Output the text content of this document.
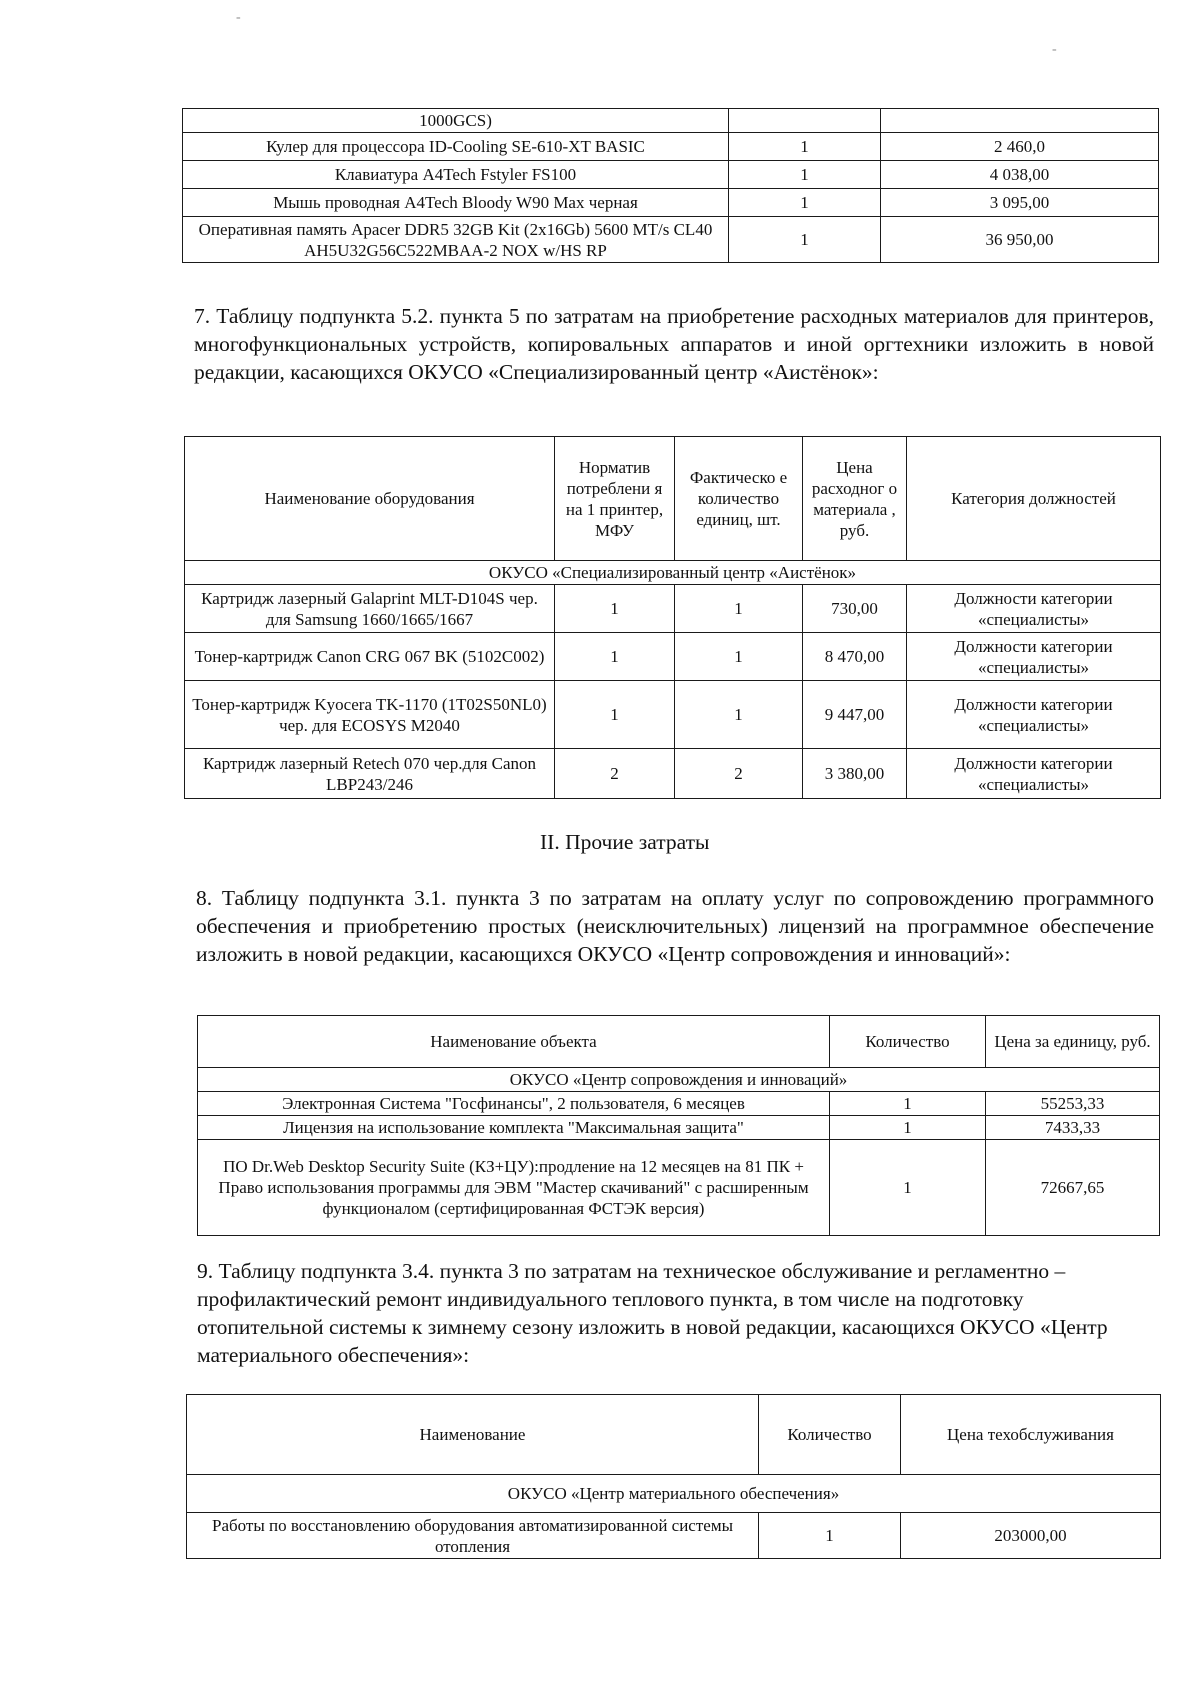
-
-
1000GCS)		
Кулер для процессора ID-Cooling SE-610-XT BASIC	1	2 460,0
Клавиатура A4Tech Fstyler FS100	1	4 038,00
Мышь проводная A4Tech Bloody W90 Max черная	1	3 095,00
Оперативная память Apacer DDR5 32GB Kit (2x16Gb) 5600 MT/s CL40 AH5U32G56C522MBAA-2 NOX w/HS RP	1	36 950,00
7. Таблицу подпункта 5.2. пункта 5 по затратам на приобретение расходных материалов для принтеров, многофункциональных устройств, копировальных аппаратов и иной оргтехники изложить в новой редакции, касающихся ОКУСО «Специализированный центр «Аистёнок»:
Наименование оборудования	Норматив потреблени я на 1 принтер, МФУ	Фактическо е количество единиц, шт.	Цена расходног о материала , руб.	Категория должностей
ОКУСО «Специализированный центр «Аистёнок»				
Картридж лазерный Galaprint MLT-D104S чер. для Samsung 1660/1665/1667	1	1	730,00	Должности категории «специалисты»
Тонер-картридж Canon CRG 067 BK (5102C002)	1	1	8 470,00	Должности категории «специалисты»
Тонер-картридж Kyocera TK-1170 (1T02S50NL0) чер. для ECOSYS M2040	1	1	9 447,00	Должности категории «специалисты»
Картридж лазерный Retech 070 чер.для Canon LBP243/246	2	2	3 380,00	Должности категории «специалисты»
II. Прочие затраты
8. Таблицу подпункта 3.1. пункта 3 по затратам на оплату услуг по сопровождению программного обеспечения и приобретению простых (неисключительных) лицензий на программное обеспечение изложить в новой редакции, касающихся ОКУСО «Центр сопровождения и инноваций»:
Наименование объекта	Количество	Цена за единицу, руб.
ОКУСО «Центр сопровождения и инноваций»		
Электронная Система "Госфинансы", 2 пользователя, 6 месяцев	1	55253,33
Лицензия на использование комплекта "Максимальная защита"	1	7433,33
ПО Dr.Web Desktop Security Suite (КЗ+ЦУ):продление на 12 месяцев на 81 ПК + Право использования программы для ЭВМ "Мастер скачиваний" с расширенным функционалом (сертифицированная ФСТЭК версия)	1	72667,65
9. Таблицу подпункта 3.4. пункта 3 по затратам на техническое обслуживание и регламентно – профилактический ремонт индивидуального теплового пункта, в том числе на подготовку отопительной системы к зимнему сезону изложить в новой редакции, касающихся ОКУСО «Центр материального обеспечения»:
Наименование	Количество	Цена техобслуживания
ОКУСО «Центр материального обеспечения»		
Работы по восстановлению оборудования автоматизированной системы отопления	1	203000,00
